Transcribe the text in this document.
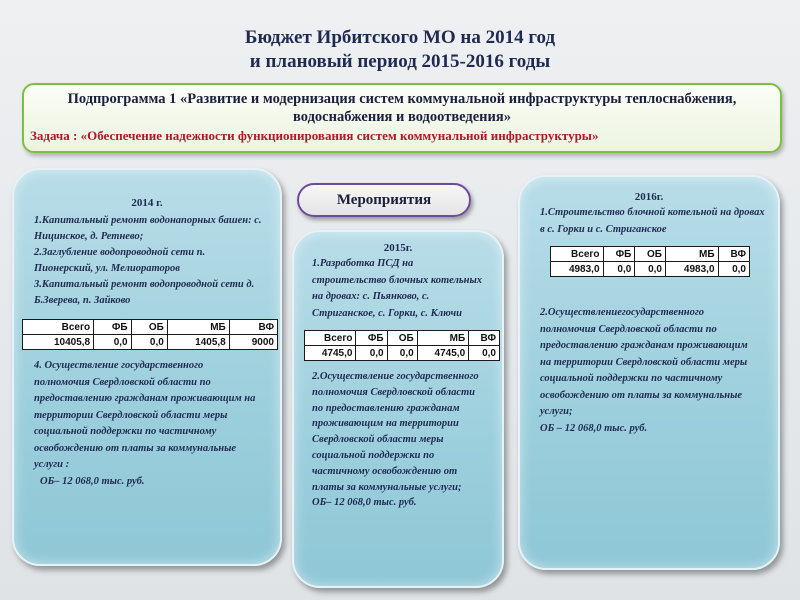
Бюджет Ирбитского МО на 2014 год
и плановый период 2015-2016 годы
Подпрограмма 1 «Развитие и модернизация систем коммунальной инфраструктуры теплоснабжения, водоснабжения и водоотведения»
Задача : «Обеспечение надежности функционирования систем коммунальной инфраструктуры»
2014 г.
1.Капитальный ремонт водонапорных башен: с. Ницинское, д. Ретнево;
2.Заглубление водопроводной сети п. Пионерский, ул. Мелиораторов
3.Капитальный ремонт водопроводной сети д. Б.Зверева, п. Зайково
Всего	ФБ	ОБ	МБ	ВФ
10405,8	0,0	0,0	1405,8	9000
4. Осуществление государственного полномочия Свердловской области по предоставлению гражданам проживающим на территории Свердловской области меры социальной поддержки по частичному освобождению от платы за коммунальные услуги :
ОБ– 12 068,0 тыс. руб.
Мероприятия
2015г.
1.Разработка ПСД на строительство блочных котельных на дровах: с. Пьянково, с. Стриганское, с. Горки, с. Ключи
Всего	ФБ	ОБ	МБ	ВФ
4745,0	0,0	0,0	4745,0	0,0
2.Осуществление государственного полномочия Свердловской области по предоставлению гражданам проживающим на территории Свердловской области меры социальной поддержки по частичному освобождению от платы за коммунальные услуги;
ОБ– 12 068,0 тыс. руб.
2016г.
1.Строительство блочной котельной на дровах в с. Горки и с. Стриганское
Всего	ФБ	ОБ	МБ	ВФ
4983,0	0,0	0,0	4983,0	0,0
2.Осуществлениегосударственного полномочия Свердловской области по предоставлению гражданам проживающим на территории Свердловской области меры социальной поддержки по частичному освобождению от платы за коммунальные услуги;
ОБ – 12 068,0 тыс. руб.
